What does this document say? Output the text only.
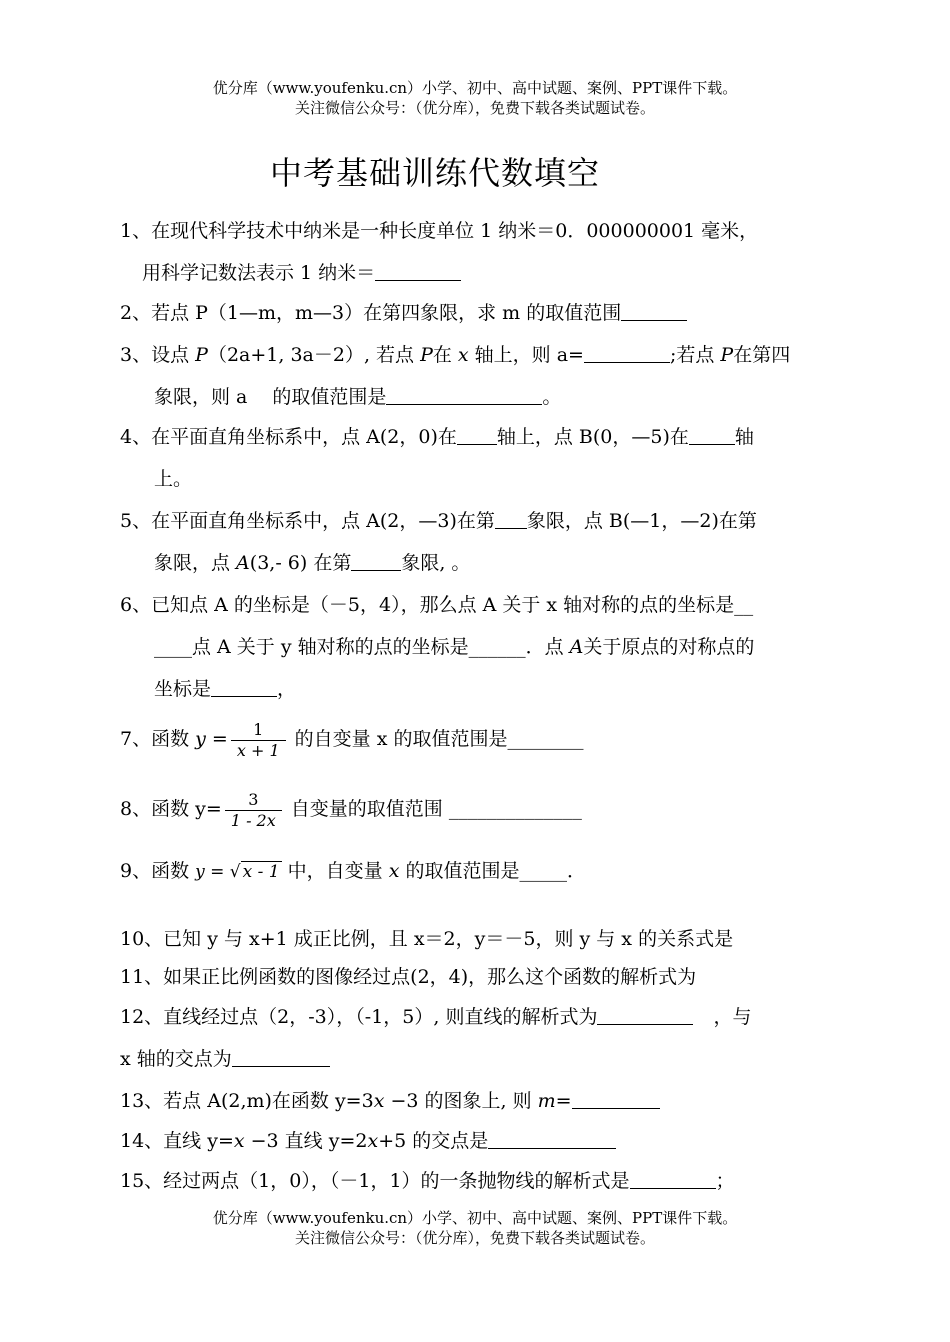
优分库（www.youfenku.cn）小学、初中、高中试题、案例、PPT课件下载。
关注微信公众号：（优分库），免费下载各类试题试卷。
中考基础训练代数填空
1、在现代科学技术中纳米是一种长度单位 1 纳米＝0．000000001 毫米，
用科学记数法表示 1 纳米＝
2、若点 P（1—m，m—3）在第四象限，求 m 的取值范围
3、设点 P（2a+1, 3a－2）, 若点 P在 x 轴上，则 a=	;若点 P在第四
象限，则 a　 的取值范围是	。
4、在平面直角坐标系中，点 A(2，0)在 轴上，点 B(0，—5)在 轴
上。
5、在平面直角坐标系中，点 A(2，—3)在第 象限，点 B(—1，—2)在第
象限，点 A(3,- 6) 在第	象限, 。
6、已知点 A 的坐标是（－5，4），那么点 A 关于 x 轴对称的点的坐标是__
____点 A 关于 y 轴对称的点的坐标是______．点 A关于原点的对称点的
坐标是	，
7、函数 $y = \frac{1}{x + 1}$ 的自变量 x 的取值范围是________
8、函数 $y= \frac{3}{1 - 2x}$ 自变量的取值范围 ______________
9、函数 y = √ x - 1 中，自变量 x 的取值范围是_____．
10、已知 y 与 x+1 成正比例，且 x＝2，y＝－5，则 y 与 x 的关系式是
11、如果正比例函数的图像经过点(2，4)，那么这个函数的解析式为
12、直线经过点（2，-3），（-1，5）, 则直线的解析式为	，与
x 轴的交点为
13、若点 A(2,m)在函数 y=3x −3 的图象上, 则 m=
14、直线 y=x −3 直线 y=2x+5 的交点是
15、经过两点（1，0），（－1，1）的一条抛物线的解析式是	；
优分库（www.youfenku.cn）小学、初中、高中试题、案例、PPT课件下载。
关注微信公众号：（优分库），免费下载各类试题试卷。
